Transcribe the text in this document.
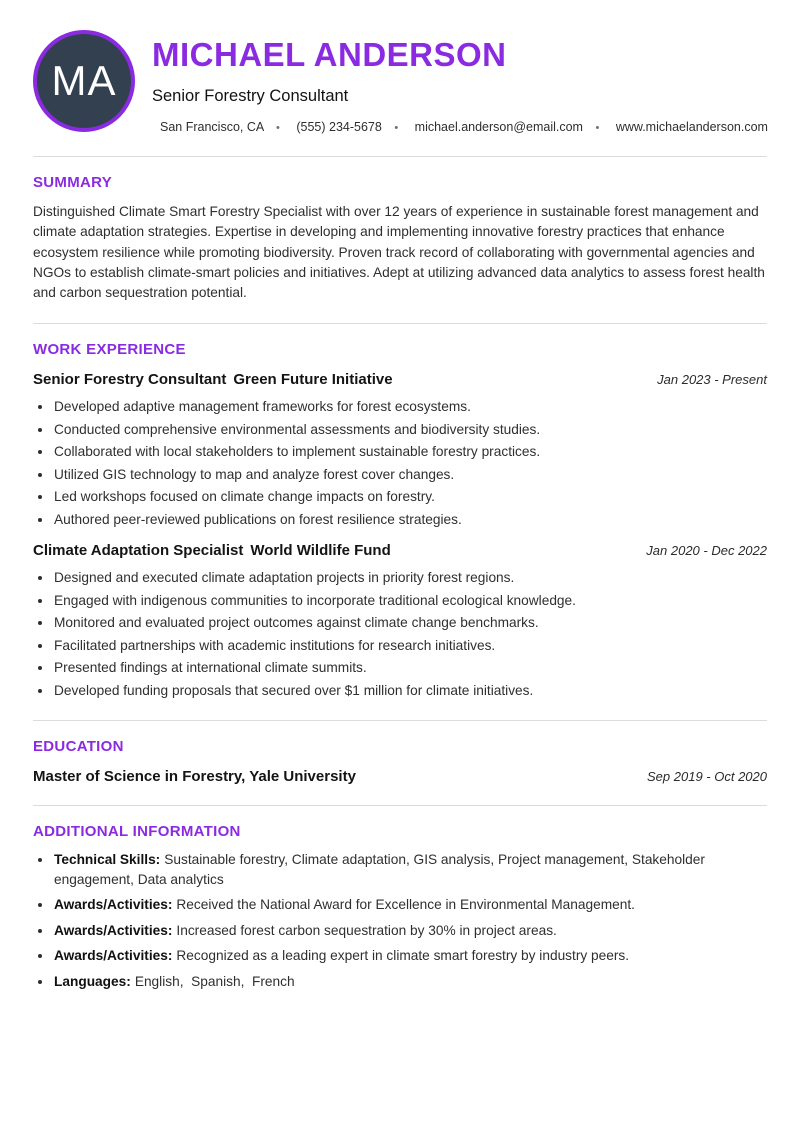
MA
MICHAEL ANDERSON
Senior Forestry Consultant
San Francisco, CA • (555) 234-5678 • michael.anderson@email.com • www.michaelanderson.com
SUMMARY

Distinguished Climate Smart Forestry Specialist with over 12 years of experience in sustainable forest management and climate adaptation strategies. Expertise in developing and implementing innovative forestry practices that enhance ecosystem resilience while promoting biodiversity. Proven track record of collaborating with governmental agencies and NGOs to establish climate-smart policies and initiatives. Adept at utilizing advanced data analytics to assess forest health and carbon sequestration potential.

WORK EXPERIENCE
Senior Forestry Consultant Green Future Initiative	Jan 2023 - Present
• Developed adaptive management frameworks for forest ecosystems.
• Conducted comprehensive environmental assessments and biodiversity studies.
• Collaborated with local stakeholders to implement sustainable forestry practices.
• Utilized GIS technology to map and analyze forest cover changes.
• Led workshops focused on climate change impacts on forestry.
• Authored peer-reviewed publications on forest resilience strategies.
Climate Adaptation Specialist World Wildlife Fund	Jan 2020 - Dec 2022
• Designed and executed climate adaptation projects in priority forest regions.
• Engaged with indigenous communities to incorporate traditional ecological knowledge.
• Monitored and evaluated project outcomes against climate change benchmarks.
• Facilitated partnerships with academic institutions for research initiatives.
• Presented findings at international climate summits.
• Developed funding proposals that secured over $1 million for climate initiatives.
EDUCATION
Master of Science in Forestry, Yale University	Sep 2019 - Oct 2020
ADDITIONAL INFORMATION
• Technical Skills: Sustainable forestry, Climate adaptation, GIS analysis, Project management, Stakeholder engagement, Data analytics
• Awards/Activities: Received the National Award for Excellence in Environmental Management.
• Awards/Activities: Increased forest carbon sequestration by 30% in project areas.
• Awards/Activities: Recognized as a leading expert in climate smart forestry by industry peers.
• Languages: English,  Spanish,  French
